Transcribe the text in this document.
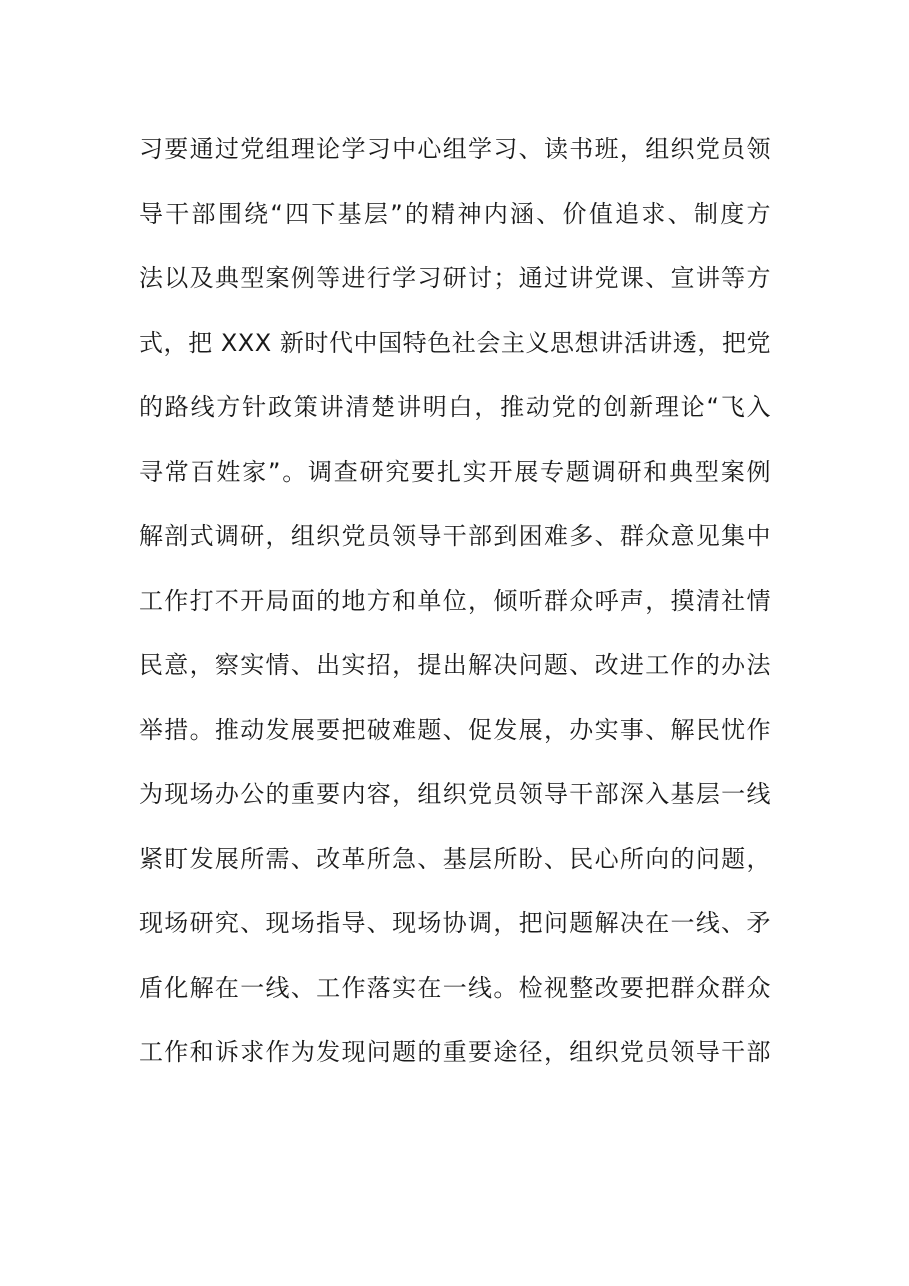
习要通过党组理论学习中心组学习、读书班，组织党员领
导干部围绕“四下基层”的精神内涵、价值追求、制度方
法以及典型案例等进行学习研讨；通过讲党课、宣讲等方
式，把 XXX 新时代中国特色社会主义思想讲活讲透，把党
的路线方针政策讲清楚讲明白，推动党的创新理论“飞入
寻常百姓家”。调查研究要扎实开展专题调研和典型案例
解剖式调研，组织党员领导干部到困难多、群众意见集中
工作打不开局面的地方和单位，倾听群众呼声，摸清社情
民意，察实情、出实招，提出解决问题、改进工作的办法
举措。推动发展要把破难题、促发展，办实事、解民忧作
为现场办公的重要内容，组织党员领导干部深入基层一线
紧盯发展所需、改革所急、基层所盼、民心所向的问题，
现场研究、现场指导、现场协调，把问题解决在一线、矛
盾化解在一线、工作落实在一线。检视整改要把群众群众
工作和诉求作为发现问题的重要途径，组织党员领导干部
